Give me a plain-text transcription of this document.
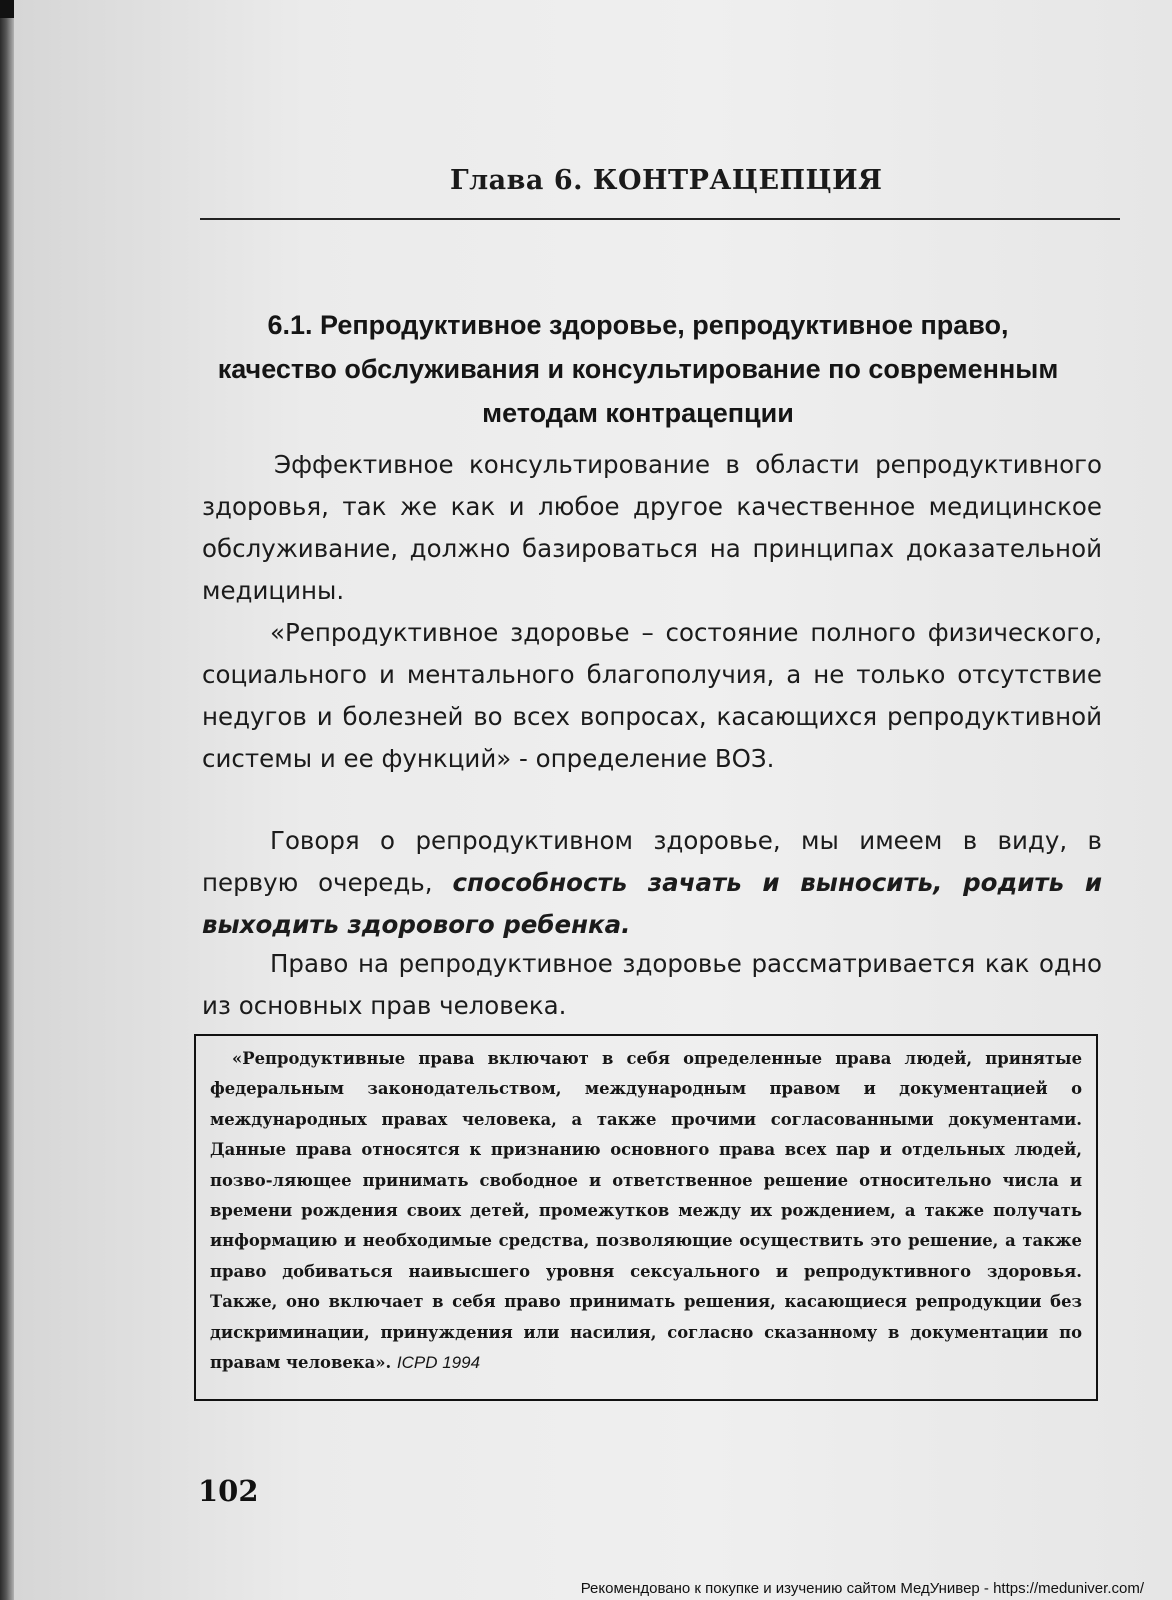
Глава 6. КОНТРАЦЕПЦИЯ
6.1. Репродуктивное здоровье, репродуктивное право, качество обслуживания и консультирование по современным методам контрацепции

Эффективное консультирование в области репродуктивного здоровья, так же как и любое другое качественное медицинское обслуживание, должно базироваться на принципах доказательной медицины.

«Репродуктивное здоровье – состояние полного физического, социального и ментального благополучия, а не только отсутствие недугов и болезней во всех вопросах, касающихся репродуктивной системы и ее функций» - определение ВОЗ.

Говоря о репродуктивном здоровье, мы имеем в виду, в первую очередь, способность зачать и выносить, родить и выходить здорового ребенка.

Право на репродуктивное здоровье рассматривается как одно из основных прав человека.

«Репродуктивные права включают в себя определенные права людей, принятые федеральным законодательством, международным правом и документацией о международных правах человека, а также прочими согласованными документами. Данные права относятся к признанию основного права всех пар и отдельных людей, позво-ляющее принимать свободное и ответственное решение относительно числа и времени рождения своих детей, промежутков между их рождением, а также получать информацию и необходимые средства, позволяющие осуществить это решение, а также право добиваться наивысшего уровня сексуального и репродуктивного здоровья. Также, оно включает в себя право принимать решения, касающиеся репродукции без дискриминации, принуждения или насилия, согласно сказанному в документации по правам человека». ICPD 1994

102
Рекомендовано к покупке и изучению сайтом МедУнивер - https://meduniver.com/
